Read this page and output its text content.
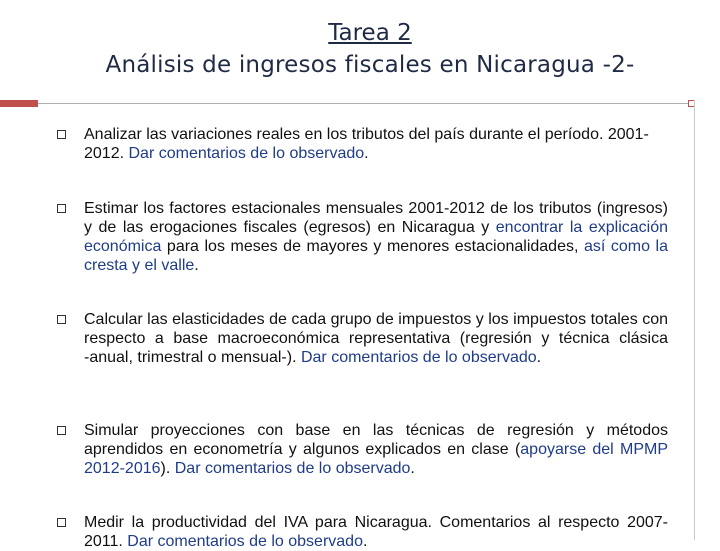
Tarea 2
Análisis de ingresos fiscales en Nicaragua -2-
Analizar las variaciones reales en los tributos del país durante el período. 2001-2012. Dar comentarios de lo observado.
Estimar los factores estacionales mensuales 2001-2012 de los tributos (ingresos) y de las erogaciones fiscales (egresos) en Nicaragua y encontrar la explicación económica para los meses de mayores y menores estacionalidades, así como la cresta y el valle.
Calcular las elasticidades de cada grupo de impuestos y los impuestos totales con respecto a base macroeconómica representativa (regresión y técnica clásica        -anual, trimestral o mensual-). Dar comentarios de lo observado.
Simular proyecciones con base en las técnicas de regresión y métodos aprendidos en econometría y algunos explicados en clase (apoyarse del MPMP 2012-2016). Dar comentarios de lo observado.
Medir la productividad del IVA para Nicaragua. Comentarios al respecto 2007-2011. Dar comentarios de lo observado.
